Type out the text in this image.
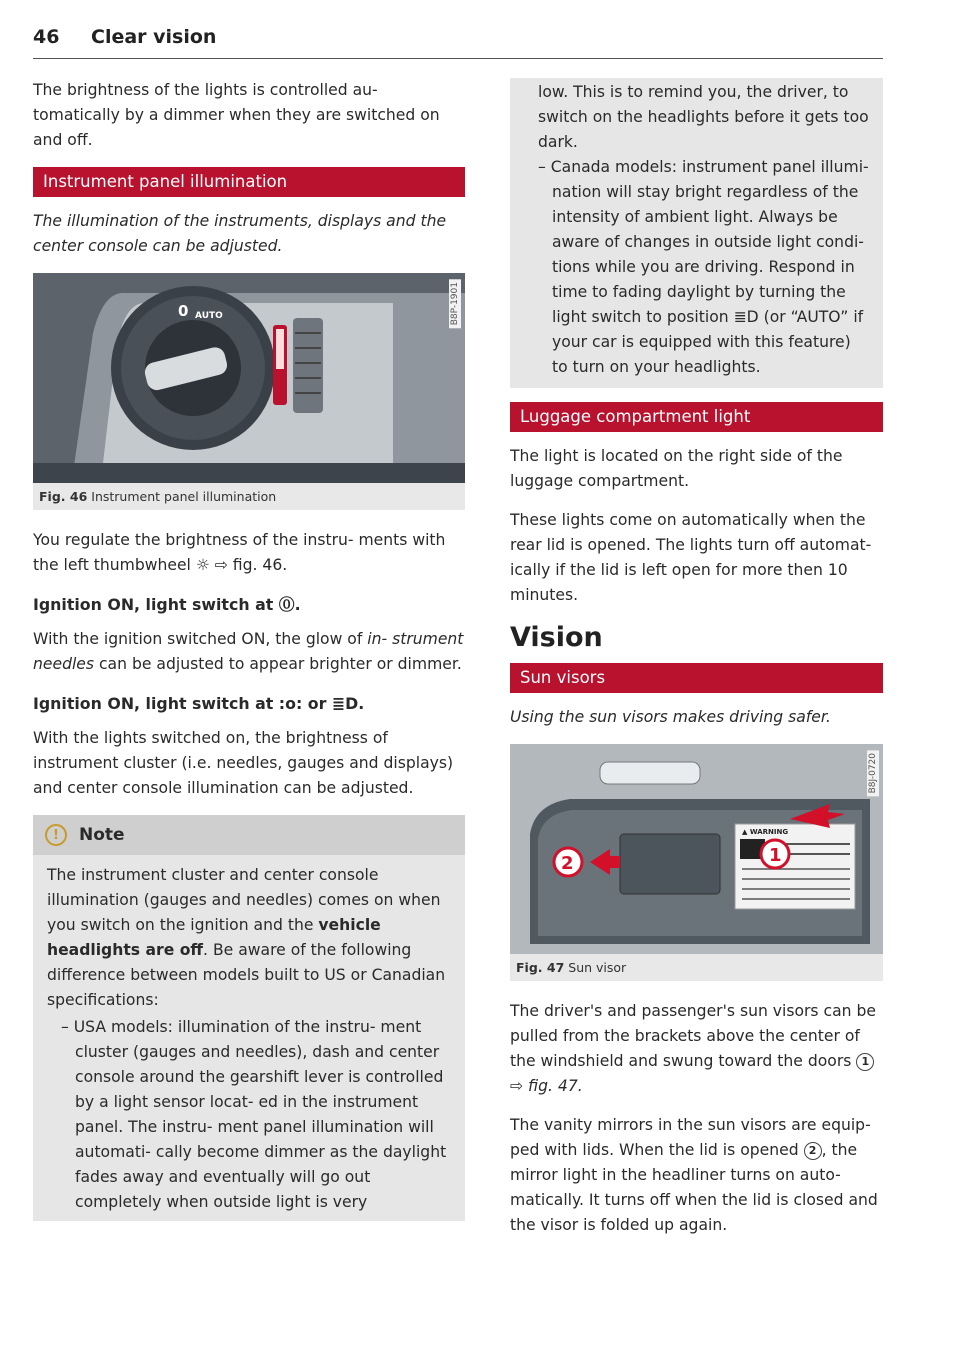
46 Clear vision

The brightness of the lights is controlled au- tomatically by a dimmer when they are switched on and off.

Instrument panel illumination

The illumination of the instruments, displays and the center console can be adjusted.

0 AUTO	B8P-1901
Fig. 46 Instrument panel illumination

You regulate the brightness of the instru- ments with the left thumbwheel ☼ ⇨ fig. 46.

Ignition ON, light switch at ⓪.

With the ignition switched ON, the glow of in- strument needles can be adjusted to appear brighter or dimmer.

Ignition ON, light switch at ꞉o꞉ or ≣D.

With the lights switched on, the brightness of instrument cluster (i.e. needles, gauges and displays) and center console illumination can be adjusted.

!	Note

The instrument cluster and center console illumination (gauges and needles) comes on when you switch on the ignition and the vehicle headlights are off. Be aware of the following difference between models built to US or Canadian specifications:

– USA models: illumination of the instru- ment cluster (gauges and needles), dash and center console around the gearshift lever is controlled by a light sensor locat- ed in the instrument panel. The instru- ment panel illumination will automati- cally become dimmer as the daylight fades away and eventually will go out completely when outside light is very

low. This is to remind you, the driver, to switch on the headlights before it gets too dark.

– Canada models: instrument panel illumi- nation will stay bright regardless of the intensity of ambient light. Always be aware of changes in outside light condi- tions while you are driving. Respond in time to fading daylight by turning the light switch to position ≣D (or “AUTO” if your car is equipped with this feature) to turn on your headlights.

Luggage compartment light

The light is located on the right side of the luggage compartment.

These lights come on automatically when the rear lid is opened. The lights turn off automat- ically if the lid is left open for more then 10 minutes.

Vision
Sun visors

Using the sun visors makes driving safer.

▲ WARNING
2	1
B8J-0720
Fig. 47 Sun visor

The driver's and passenger's sun visors can be pulled from the brackets above the center of the windshield and swung toward the doors 1 ⇨ fig. 47.

The vanity mirrors in the sun visors are equip- ped with lids. When the lid is opened 2 , the mirror light in the headliner turns on auto- matically. It turns off when the lid is closed and the visor is folded up again.
